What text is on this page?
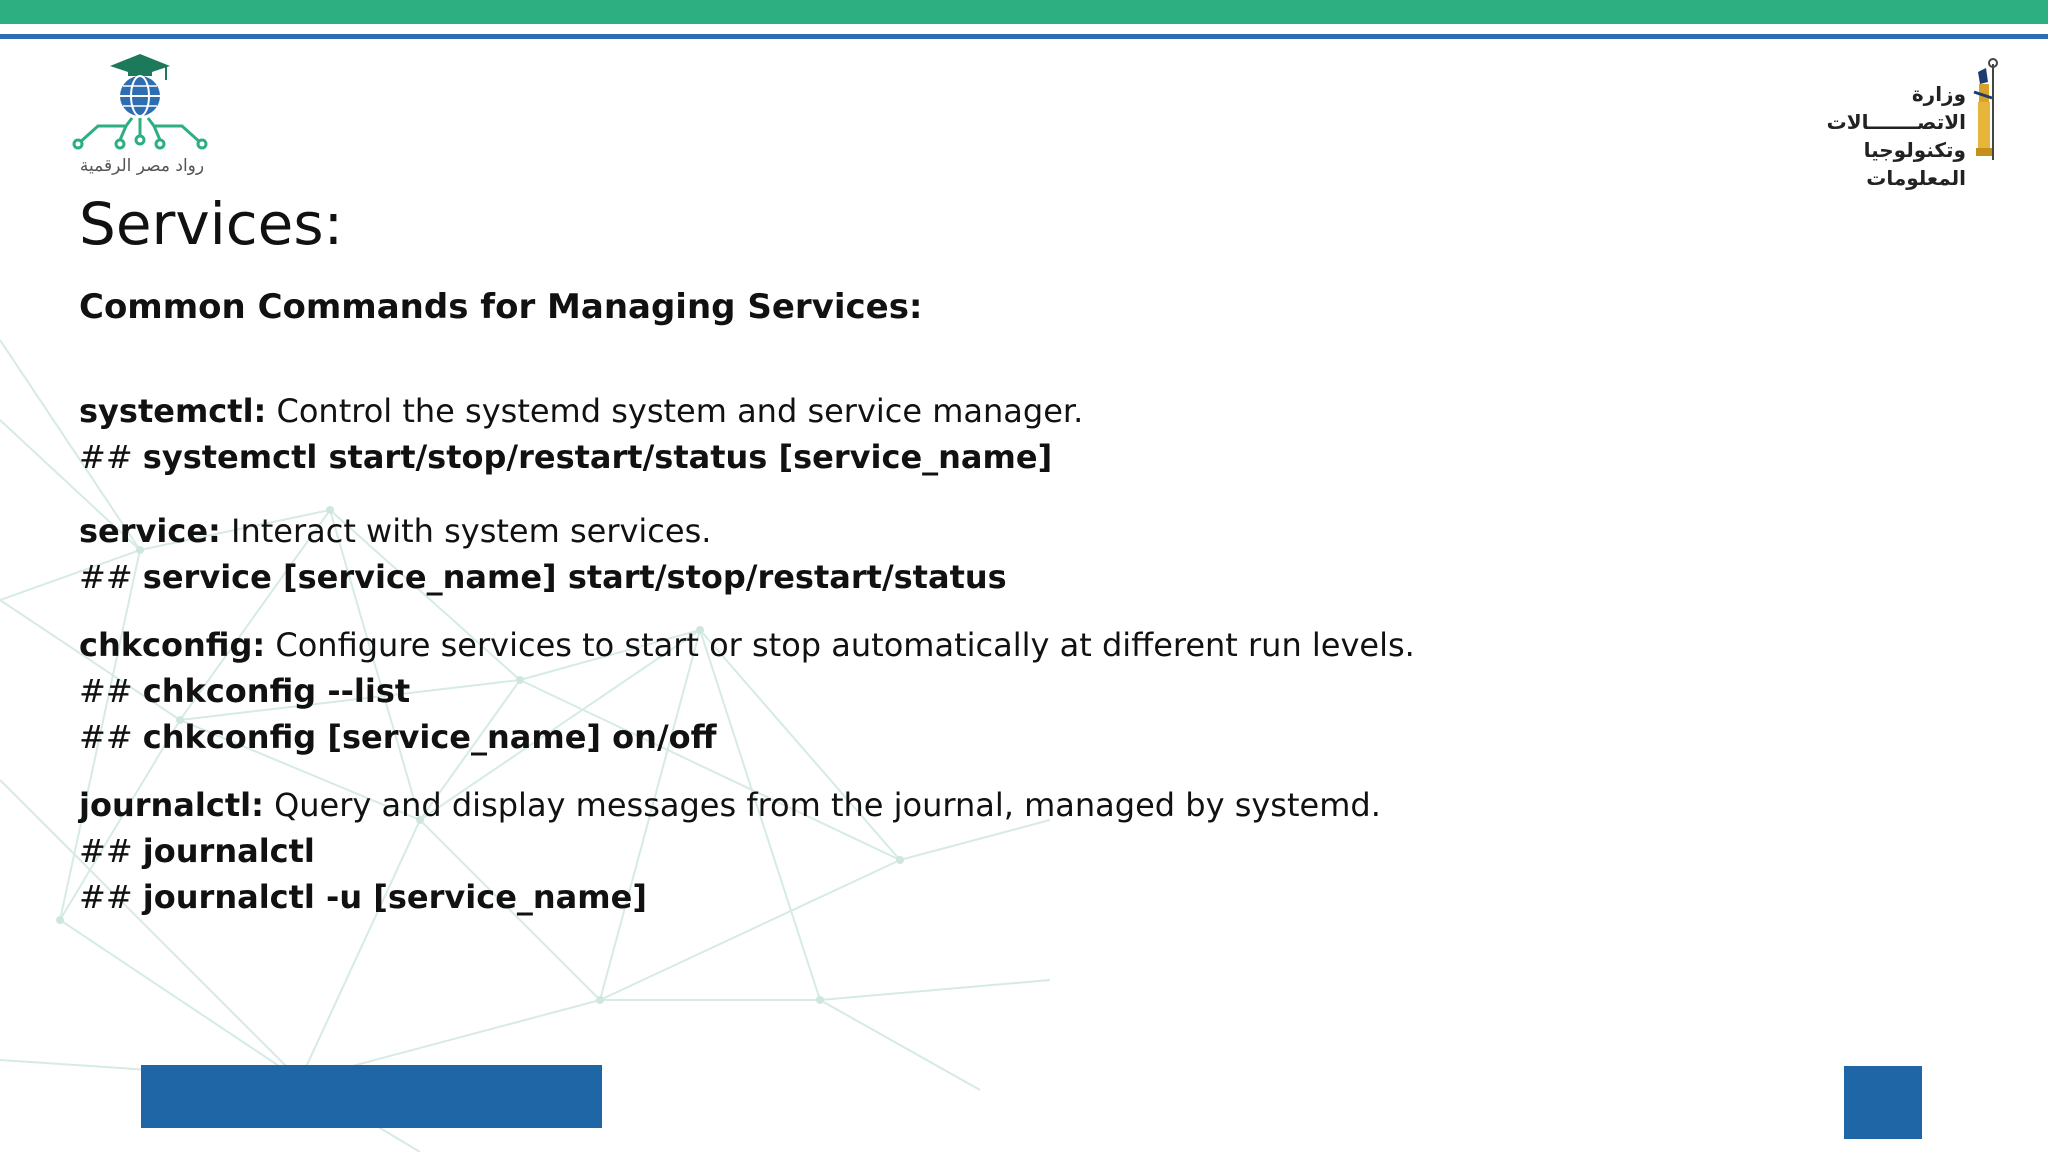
رواد مصر الرقمية
وزارة الاتصـــــــالات
وتكنولوجيا المعلومات
Services:
Common Commands for Managing Services:
systemctl: Control the systemd system and service manager.
## systemctl start/stop/restart/status [service_name]
service: Interact with system services.
## service [service_name] start/stop/restart/status
chkconfig: Configure services to start or stop automatically at different run levels.
## chkconfig --list
## chkconfig [service_name] on/off
journalctl: Query and display messages from the journal, managed by systemd.
## journalctl
## journalctl -u [service_name]
